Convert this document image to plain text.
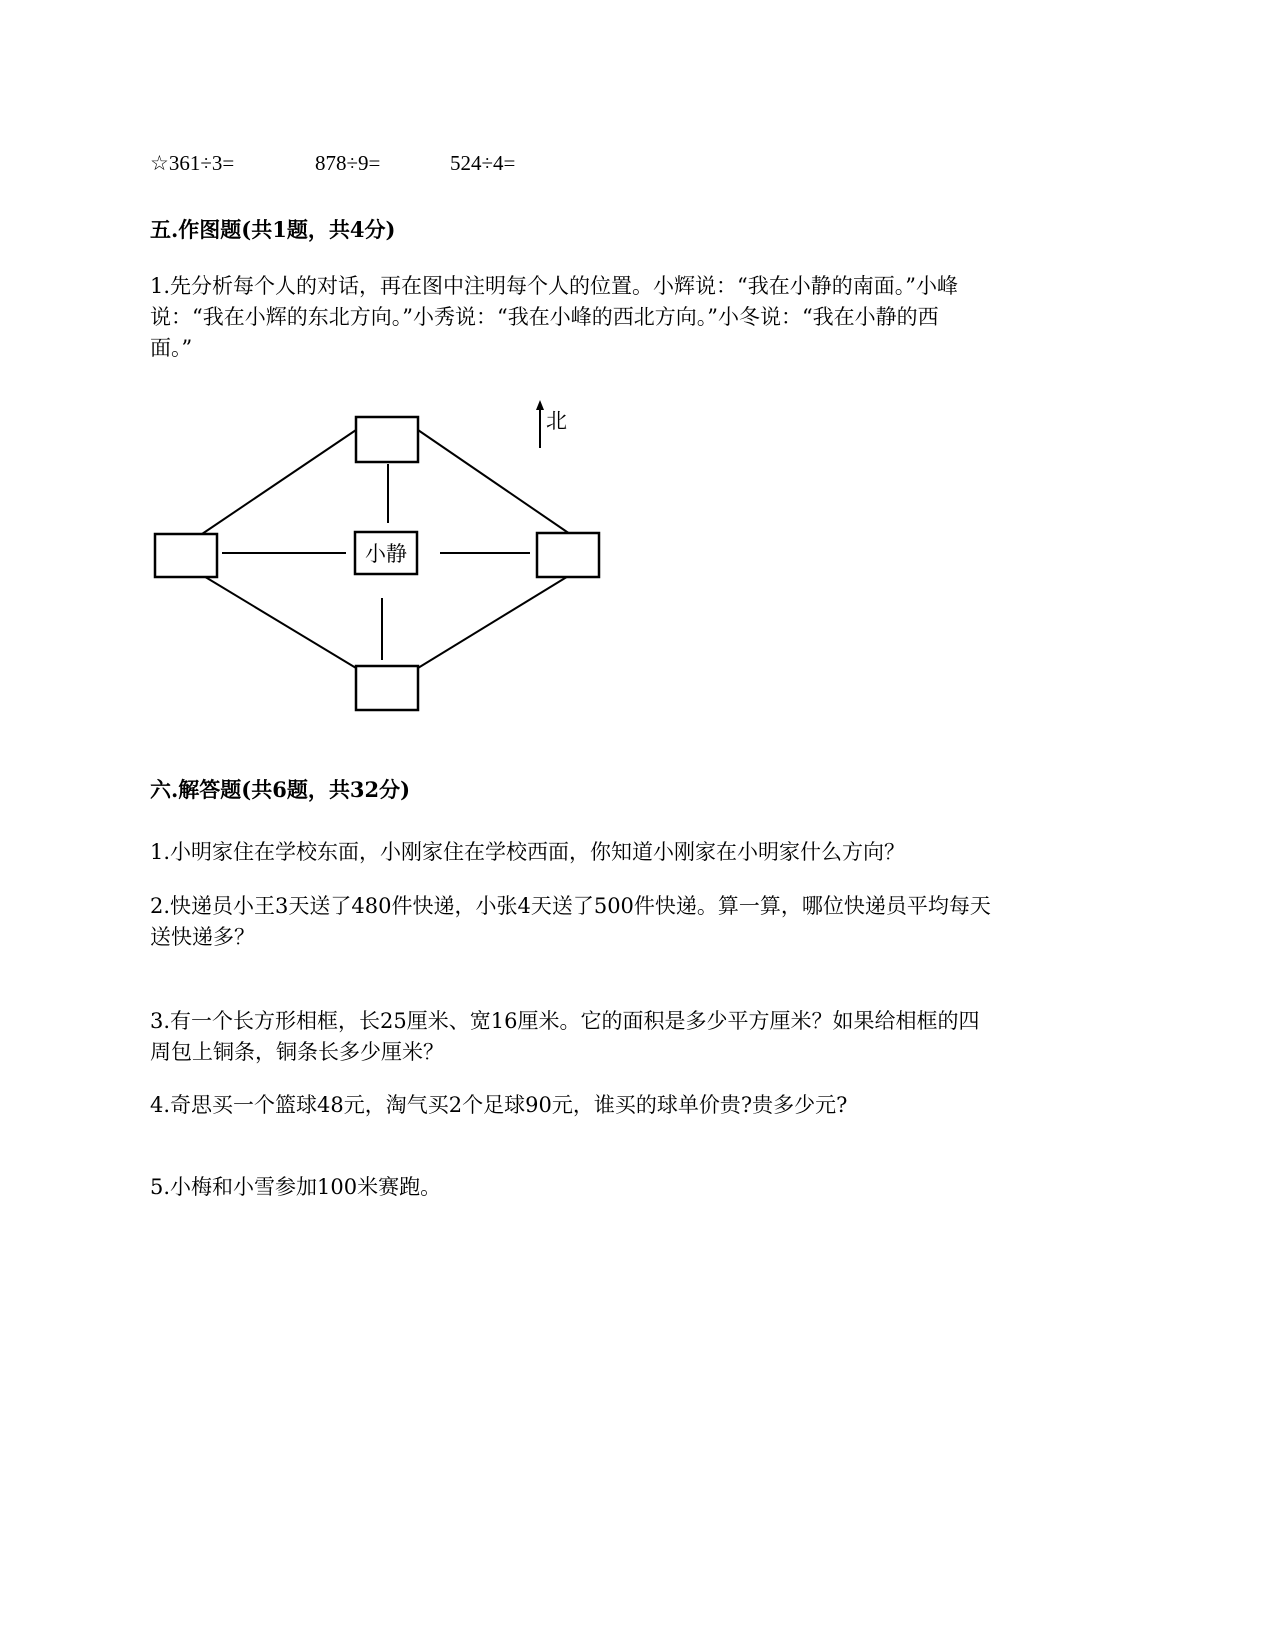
☆361÷3=	878÷9=	524÷4=
五.作图题(共1题，共4分)

1.先分析每个人的对话，再在图中注明每个人的位置。小辉说：“我在小静的南面。”小峰

说：“我在小辉的东北方向。”小秀说：“我在小峰的西北方向。”小冬说：“我在小静的西

面。”

小静
北
六.解答题(共6题，共32分)
1.小明家住在学校东面，小刚家住在学校西面，你知道小刚家在小明家什么方向？

2.快递员小王3天送了480件快递，小张4天送了500件快递。算一算，哪位快递员平均每天

送快递多？

3.有一个长方形相框，长25厘米、宽16厘米。它的面积是多少平方厘米？如果给相框的四

周包上铜条，铜条长多少厘米？

4.奇思买一个篮球48元，淘气买2个足球90元，谁买的球单价贵?贵多少元?
5.小梅和小雪参加100米赛跑。
